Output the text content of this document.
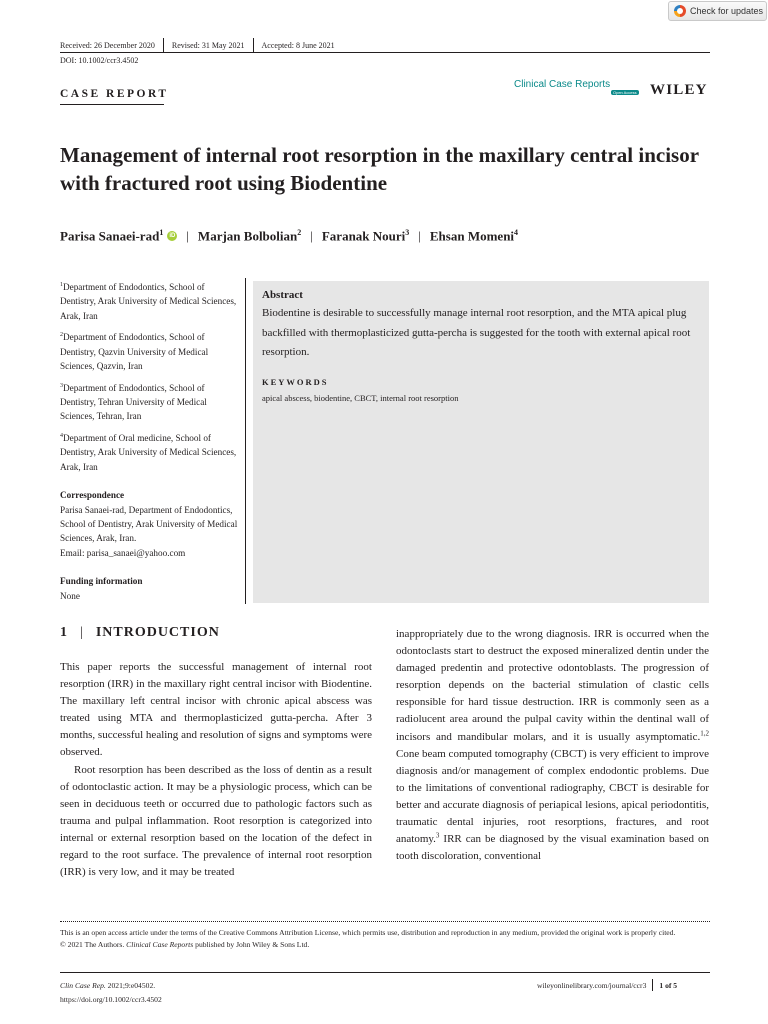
Check for updates
Received: 26 December 2020 Revised: 31 May 2021 Accepted: 8 June 2021
DOI: 10.1002/ccr3.4502
CASE REPORT
Clinical Case Reports
Open Access WILEY
Management of internal root resorption in the maxillary central incisor with fractured root using Biodentine
Parisa Sanaei-rad$^1$	iD | Marjan Bolbolian$^2$ | Faranak Nouri$^3$ | Ehsan Momeni$^4$

$^1$Department of Endodontics, School of Dentistry, Arak University of Medical Sciences, Arak, Iran

$^2$Department of Endodontics, School of Dentistry, Qazvin University of Medical Sciences, Qazvin, Iran

$^3$Department of Endodontics, School of Dentistry, Tehran University of Medical Sciences, Tehran, Iran

$^4$Department of Oral medicine, School of Dentistry, Arak University of Medical Sciences, Arak, Iran

Correspondence
Parisa Sanaei-rad, Department of Endodontics, School of Dentistry, Arak University of Medical Sciences, Arak, Iran.
Email: parisa_sanaei@yahoo.com

Funding information
None

Abstract
Biodentine is desirable to successfully manage internal root resorption, and the MTA apical plug backfilled with thermoplasticized gutta-percha is suggested for the tooth with external apical root resorption.
KEYWORDS
apical abscess, biodentine, CBCT, internal root resorption
1 | INTRODUCTION

This paper reports the successful management of internal root resorption (IRR) in the maxillary right central incisor with Biodentine. The maxillary left central incisor with chronic apical abscess was treated using MTA and thermoplasticized gutta-percha. After 3 months, successful healing and resolution of signs and symptoms were observed.

Root resorption has been described as the loss of dentin as a result of odontoclastic action. It may be a physiologic process, which can be seen in deciduous teeth or occurred due to pathologic factors such as trauma and pulpal inflammation. Root resorption is categorized into internal or external resorption based on the location of the defect in regard to the root surface. The prevalence of internal root resorption (IRR) is very low, and it may be treated

inappropriately due to the wrong diagnosis. IRR is occurred when the odontoclasts start to destruct the exposed mineralized dentin under the damaged predentin and protective odontoblasts. The progression of resorption depends on the bacterial stimulation of clastic cells responsible for hard tissue destruction. IRR is commonly seen as a radiolucent area around the pulpal cavity within the dentinal wall of incisors and mandibular molars, and it is usually asymptomatic.$^{1,2}$ Cone beam computed tomography (CBCT) is very efficient to improve diagnosis and/or management of complex endodontic problems. Due to the limitations of conventional radiography, CBCT is desirable for better and accurate diagnosis of periapical lesions, apical periodontitis, traumatic dental injuries, root resorptions, fractures, and root anatomy.$^3$ IRR can be diagnosed by the visual examination based on tooth discoloration, conventional

This is an open access article under the terms of the Creative Commons Attribution License, which permits use, distribution and reproduction in any medium, provided the original work is properly cited.
© 2021 The Authors. Clinical Case Reports published by John Wiley & Sons Ltd.
Clin Case Rep. 2021;9:e04502.
https://doi.org/10.1002/ccr3.4502
wileyonlinelibrary.com/journal/ccr3 1 of 5
